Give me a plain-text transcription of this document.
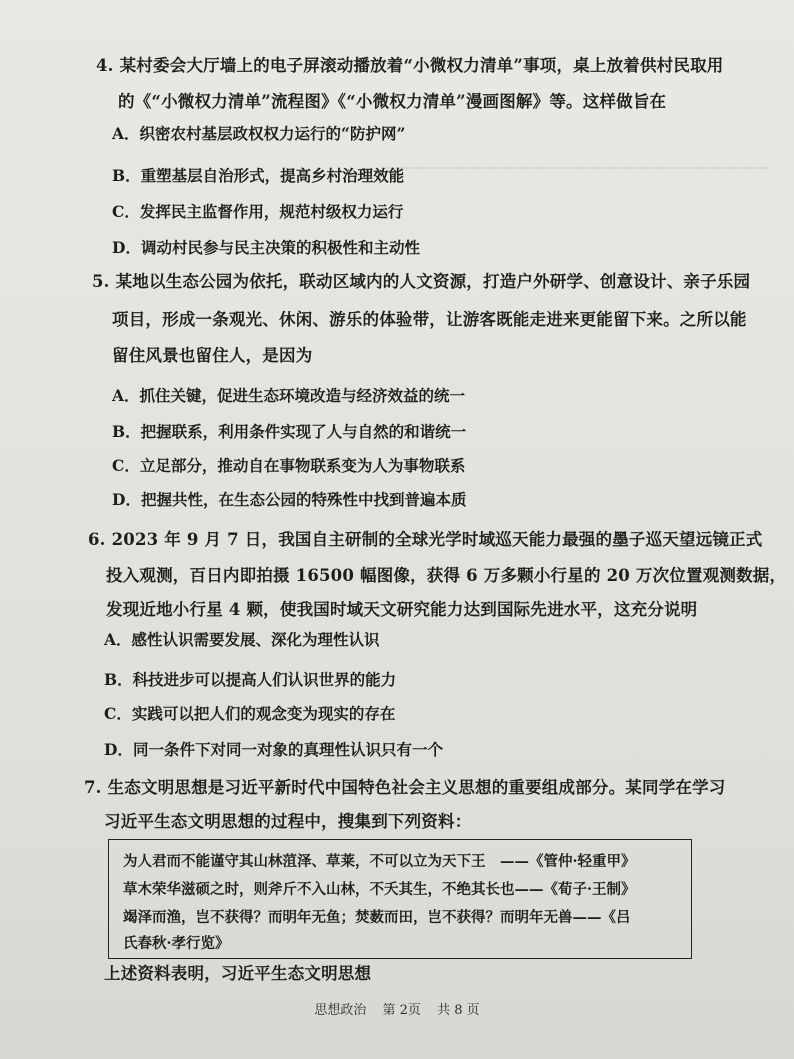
——————————————————————————
4. 某村委会大厅墙上的电子屏滚动播放着“小微权力清单”事项，桌上放着供村民取用
的《“小微权力清单”流程图》《“小微权力清单”漫画图解》等。这样做旨在
A．织密农村基层政权权力运行的“防护网”
B．重塑基层自治形式，提高乡村治理效能
C．发挥民主监督作用，规范村级权力运行
D．调动村民参与民主决策的积极性和主动性
5. 某地以生态公园为依托，联动区域内的人文资源，打造户外研学、创意设计、亲子乐园
项目，形成一条观光、休闲、游乐的体验带，让游客既能走进来更能留下来。之所以能
留住风景也留住人，是因为
A．抓住关键，促进生态环境改造与经济效益的统一
B．把握联系，利用条件实现了人与自然的和谐统一
C．立足部分，推动自在事物联系变为人为事物联系
D．把握共性，在生态公园的特殊性中找到普遍本质
6. 2023 年 9 月 7 日，我国自主研制的全球光学时域巡天能力最强的墨子巡天望远镜正式
投入观测，百日内即拍摄 16500 幅图像，获得 6 万多颗小行星的 20 万次位置观测数据，
发现近地小行星 4 颗，使我国时域天文研究能力达到国际先进水平，这充分说明
A．感性认识需要发展、深化为理性认识
B．科技进步可以提高人们认识世界的能力
C．实践可以把人们的观念变为现实的存在
D．同一条件下对同一对象的真理性认识只有一个
7. 生态文明思想是习近平新时代中国特色社会主义思想的重要组成部分。某同学在学习
习近平生态文明思想的过程中，搜集到下列资料：
为人君而不能谨守其山林菹泽、草莱，不可以立为天下王　——《管仲·轻重甲》
草木荣华滋硕之时，则斧斤不入山林，不夭其生，不绝其长也——《荀子·王制》
竭泽而渔，岂不获得？而明年无鱼；焚薮而田，岂不获得？而明年无兽——《吕
氏春秋·孝行览》
上述资料表明，习近平生态文明思想
思想政治 第 2页 共 8 页
